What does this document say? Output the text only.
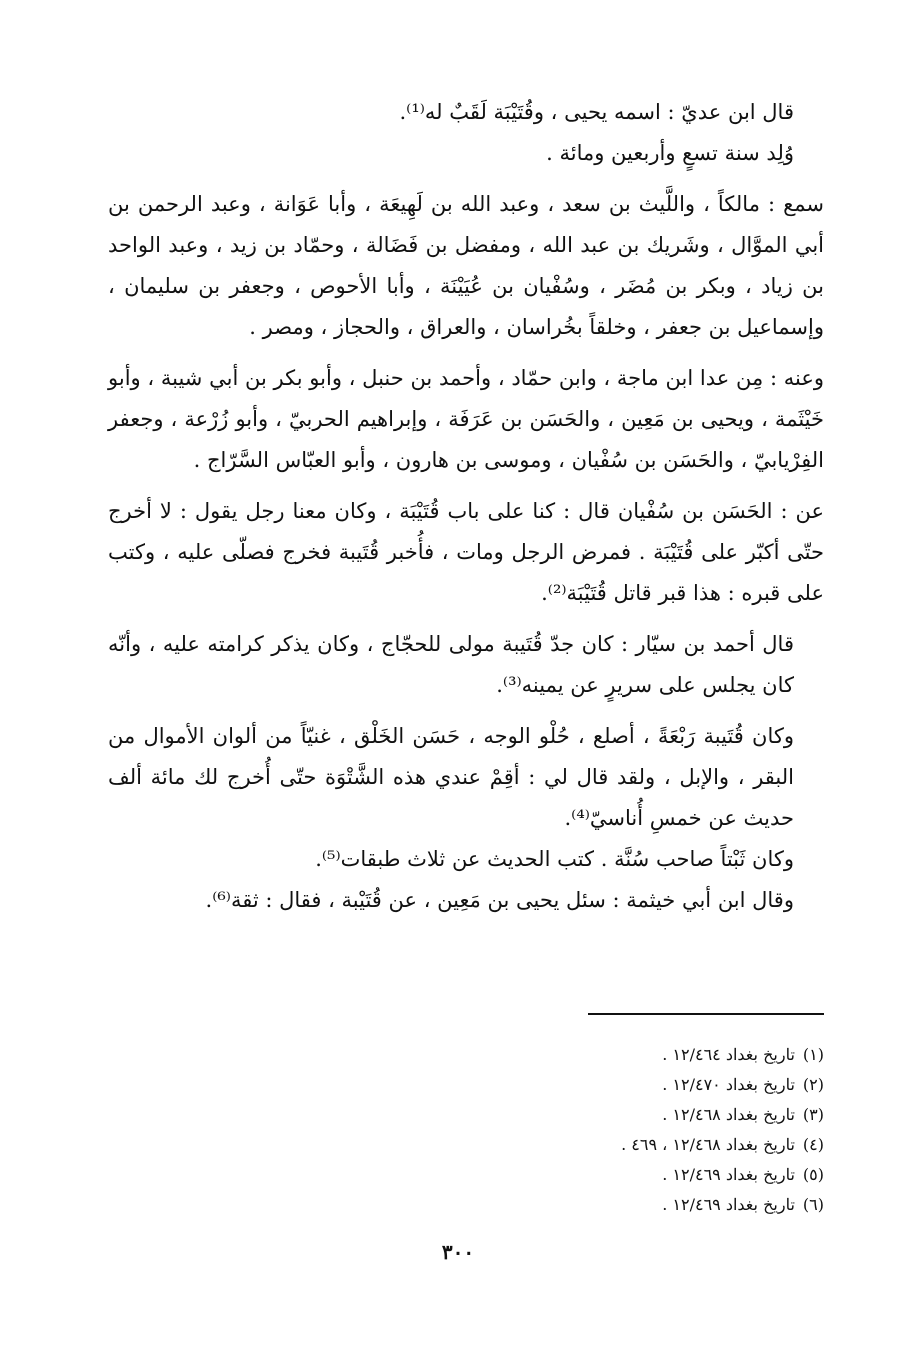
قال ابن عديّ : اسمه يحيى ، وقُتَيْبَة لَقَبٌ له⁽¹⁾.

وُلِد سنة تسعٍ وأربعين ومائة .

سمع : مالكاً ، واللَّيث بن سعد ، وعبد الله بن لَهِيعَة ، وأبا عَوَانة ، وعبد الرحمن بن أبي الموَّال ، وشَريك بن عبد الله ، ومفضل بن فَضَالة ، وحمّاد بن زيد ، وعبد الواحد بن زياد ، وبكر بن مُضَر ، وسُفْيان بن عُيَيْنَة ، وأبا الأحوص ، وجعفر بن سليمان ، وإسماعيل بن جعفر ، وخلقاً بخُراسان ، والعراق ، والحجاز ، ومصر .

وعنه : مِن عدا ابن ماجة ، وابن حمّاد ، وأحمد بن حنبل ، وأبو بكر بن أبي شيبة ، وأبو خَيْثَمة ، ويحيى بن مَعِين ، والحَسَن بن عَرَفَة ، وإبراهيم الحربيّ ، وأبو زُرْعة ، وجعفر الفِرْيابيّ ، والحَسَن بن سُفْيان ، وموسى بن هارون ، وأبو العبّاس السَّرّاج .

عن : الحَسَن بن سُفْيان قال : كنا على باب قُتَيْبَة ، وكان معنا رجل يقول : لا أخرج حتّى أكبّر على قُتَيْبَة . فمرض الرجل ومات ، فأُخبر قُتَيبة فخرج فصلّى عليه ، وكتب على قبره : هذا قبر قاتل قُتَيْبَة⁽²⁾.

قال أحمد بن سيّار : كان جدّ قُتَيبة مولى للحجّاج ، وكان يذكر كرامته عليه ، وأنّه كان يجلس على سريرٍ عن يمينه⁽³⁾.

وكان قُتَيبة رَبْعَةً ، أصلع ، حُلْو الوجه ، حَسَن الخَلْق ، غنيّاً من ألوان الأموال من البقر ، والإبل ، ولقد قال لي : أقِمْ عندي هذه الشَّتْوَة حتّى أُخرج لك مائة ألف حديث عن خمسِ أُناسيّ⁽⁴⁾.

وكان ثَبْتاً صاحب سُنَّة . كتب الحديث عن ثلاث طبقات⁽⁵⁾.

وقال ابن أبي خيثمة : سئل يحيى بن مَعِين ، عن قُتَيْبة ، فقال : ثقة⁽⁶⁾.

(١)تاريخ بغداد ١٢/٤٦٤ .
(٢)تاريخ بغداد ١٢/٤٧٠ .
(٣)تاريخ بغداد ١٢/٤٦٨ .
(٤)تاريخ بغداد ١٢/٤٦٨ ، ٤٦٩ .
(٥)تاريخ بغداد ١٢/٤٦٩ .
(٦)تاريخ بغداد ١٢/٤٦٩ .
٣٠٠
